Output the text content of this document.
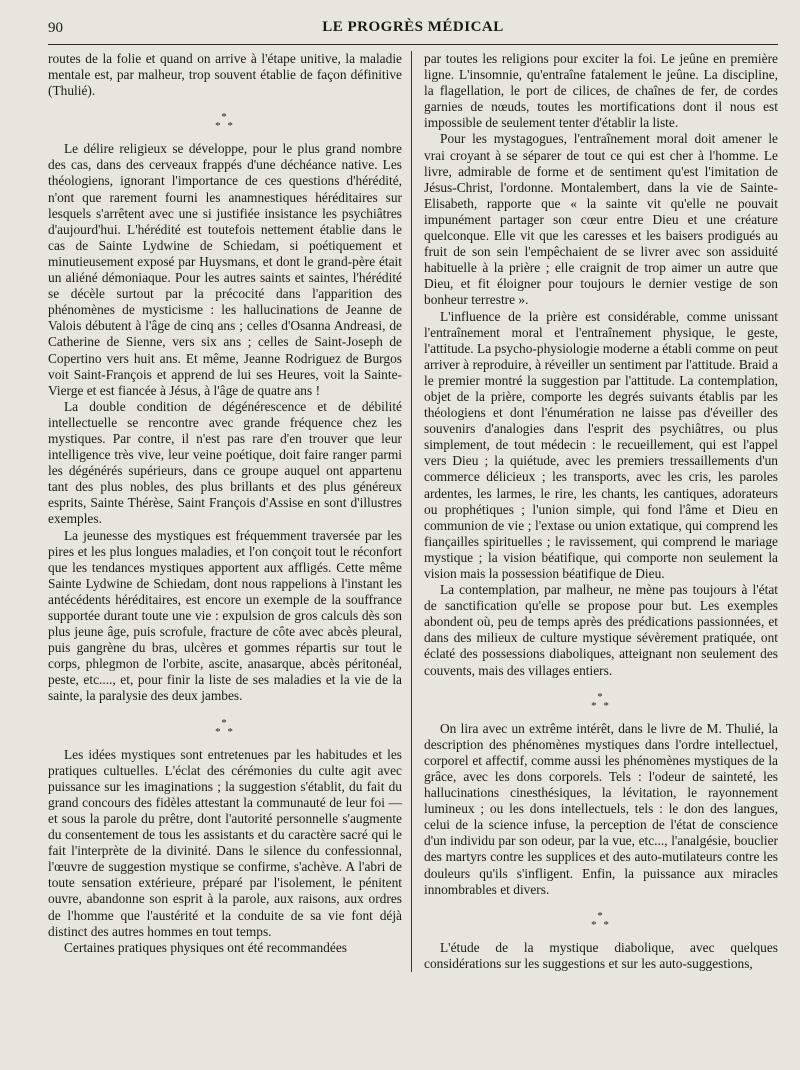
90	LE PROGRÈS MÉDICAL

routes de la folie et quand on arrive à l'étape unitive, la maladie mentale est, par malheur, trop souvent établie de façon définitive (Thulié).

*
* *

Le délire religieux se développe, pour le plus grand nombre des cas, dans des cerveaux frappés d'une déchéance native. Les théologiens, ignorant l'importance de ces questions d'hérédité, n'ont que rarement fourni les anamnestiques héréditaires sur lesquels s'arrêtent avec une si justifiée insistance les psychiâtres d'aujourd'hui. L'hérédité est toutefois nettement établie dans le cas de Sainte Lydwine de Schiedam, si poétiquement et minutieusement exposé par Huysmans, et dont le grand-père était un aliéné démoniaque. Pour les autres saints et saintes, l'hérédité se décèle surtout par la précocité dans l'apparition des phénomènes de mysticisme : les hallucinations de Jeanne de Valois débutent à l'âge de cinq ans ; celles d'Osanna Andreasi, de Catherine de Sienne, vers six ans ; celles de Saint-Joseph de Copertino vers huit ans. Et même, Jeanne Rodriguez de Burgos voit Saint-François et apprend de lui ses Heures, voit la Sainte-Vierge et est fiancée à Jésus, à l'âge de quatre ans !

La double condition de dégénérescence et de débilité intellectuelle se rencontre avec grande fréquence chez les mystiques. Par contre, il n'est pas rare d'en trouver que leur intelligence très vive, leur veine poétique, doit faire ranger parmi les dégénérés supérieurs, dans ce groupe auquel ont appartenu tant des plus nobles, des plus brillants et des plus généreux esprits, Sainte Thérèse, Saint François d'Assise en sont d'illustres exemples.

La jeunesse des mystiques est fréquemment traversée par les pires et les plus longues maladies, et l'on conçoit tout le réconfort que les tendances mystiques apportent aux affligés. Cette même Sainte Lydwine de Schiedam, dont nous rappelions à l'instant les antécédents héréditaires, est encore un exemple de la souffrance supportée durant toute une vie : expulsion de gros calculs dès son plus jeune âge, puis scrofule, fracture de côte avec abcès pleural, puis gangrène du bras, ulcères et gommes répartis sur tout le corps, phlegmon de l'orbite, ascite, anasarque, abcès péritonéal, peste, etc...., et, pour finir la liste de ses maladies et la vie de la sainte, la paralysie des deux jambes.

*
* *

Les idées mystiques sont entretenues par les habitudes et les pratiques cultuelles. L'éclat des cérémonies du culte agit avec puissance sur les imaginations ; la suggestion s'établit, du fait du grand concours des fidèles attestant la communauté de leur foi — et sous la parole du prêtre, dont l'autorité personnelle s'augmente du consentement de tous les assistants et du caractère sacré qui le fait l'interprète de la divinité. Dans le silence du confessionnal, l'œuvre de suggestion mystique se confirme, s'achève. A l'abri de toute sensation extérieure, préparé par l'isolement, le pénitent ouvre, abandonne son esprit à la parole, aux raisons, aux ordres de l'homme que l'austérité et la conduite de sa vie font déjà distinct des autres hommes en tout temps.

Certaines pratiques physiques ont été recommandées

par toutes les religions pour exciter la foi. Le jeûne en première ligne. L'insomnie, qu'entraîne fatalement le jeûne. La discipline, la flagellation, le port de cilices, de chaînes de fer, de cordes garnies de nœuds, toutes les mortifications dont il nous est impossible de seulement tenter d'établir la liste.

Pour les mystagogues, l'entraînement moral doit amener le vrai croyant à se séparer de tout ce qui est cher à l'homme. Le livre, admirable de forme et de sentiment qu'est l'imitation de Jésus-Christ, l'ordonne. Montalembert, dans la vie de Sainte-Elisabeth, rapporte que « la sainte vit qu'elle ne pouvait impunément partager son cœur entre Dieu et une créature quelconque. Elle vit que les caresses et les baisers prodigués au fruit de son sein l'empêchaient de se livrer avec son assiduité habituelle à la prière ; elle craignit de trop aimer un autre que Dieu, et fit éloigner pour toujours le dernier vestige de son bonheur terrestre ».

L'influence de la prière est considérable, comme unissant l'entraînement moral et l'entraînement physique, le geste, l'attitude. La psycho-physiologie moderne a établi comme on peut arriver à reproduire, à réveiller un sentiment par l'attitude. Braid a le premier montré la suggestion par l'attitude. La contemplation, objet de la prière, comporte les degrés suivants établis par les théologiens et dont l'énumération ne laisse pas d'éveiller des souvenirs d'analogies dans l'esprit des psychiâtres, ou plus simplement, de tout médecin : le recueillement, qui est l'appel vers Dieu ; la quiétude, avec les premiers tressaillements d'un commerce délicieux ; les transports, avec les cris, les paroles ardentes, les larmes, le rire, les chants, les cantiques, adorateurs ou prophétiques ; l'union simple, qui fond l'âme et Dieu en communion de vie ; l'extase ou union extatique, qui comprend les fiançailles spirituelles ; le ravissement, qui comprend le mariage mystique ; la vision béatifique, qui comporte non seulement la vision mais la possession béatifique de Dieu.

La contemplation, par malheur, ne mène pas toujours à l'état de sanctification qu'elle se propose pour but. Les exemples abondent où, peu de temps après des prédications passionnées, et dans des milieux de culture mystique sévèrement pratiquée, ont éclaté des possessions diaboliques, atteignant non seulement des couvents, mais des villages entiers.

*
* *

On lira avec un extrême intérêt, dans le livre de M. Thulié, la description des phénomènes mystiques dans l'ordre intellectuel, corporel et affectif, comme aussi les phénomènes mystiques de la grâce, avec les dons corporels. Tels : l'odeur de sainteté, les hallucinations cinesthésiques, la lévitation, le rayonnement lumineux ; ou les dons intellectuels, tels : le don des langues, celui de la science infuse, la perception de l'état de conscience d'un individu par son odeur, par la vue, etc..., l'analgésie, bouclier des martyrs contre les supplices et des auto-mutilateurs contre les douleurs qu'ils s'infligent. Enfin, la puissance aux miracles innombrables et divers.

*
* *

L'étude de la mystique diabolique, avec quelques considérations sur les suggestions et sur les auto-suggestions,
